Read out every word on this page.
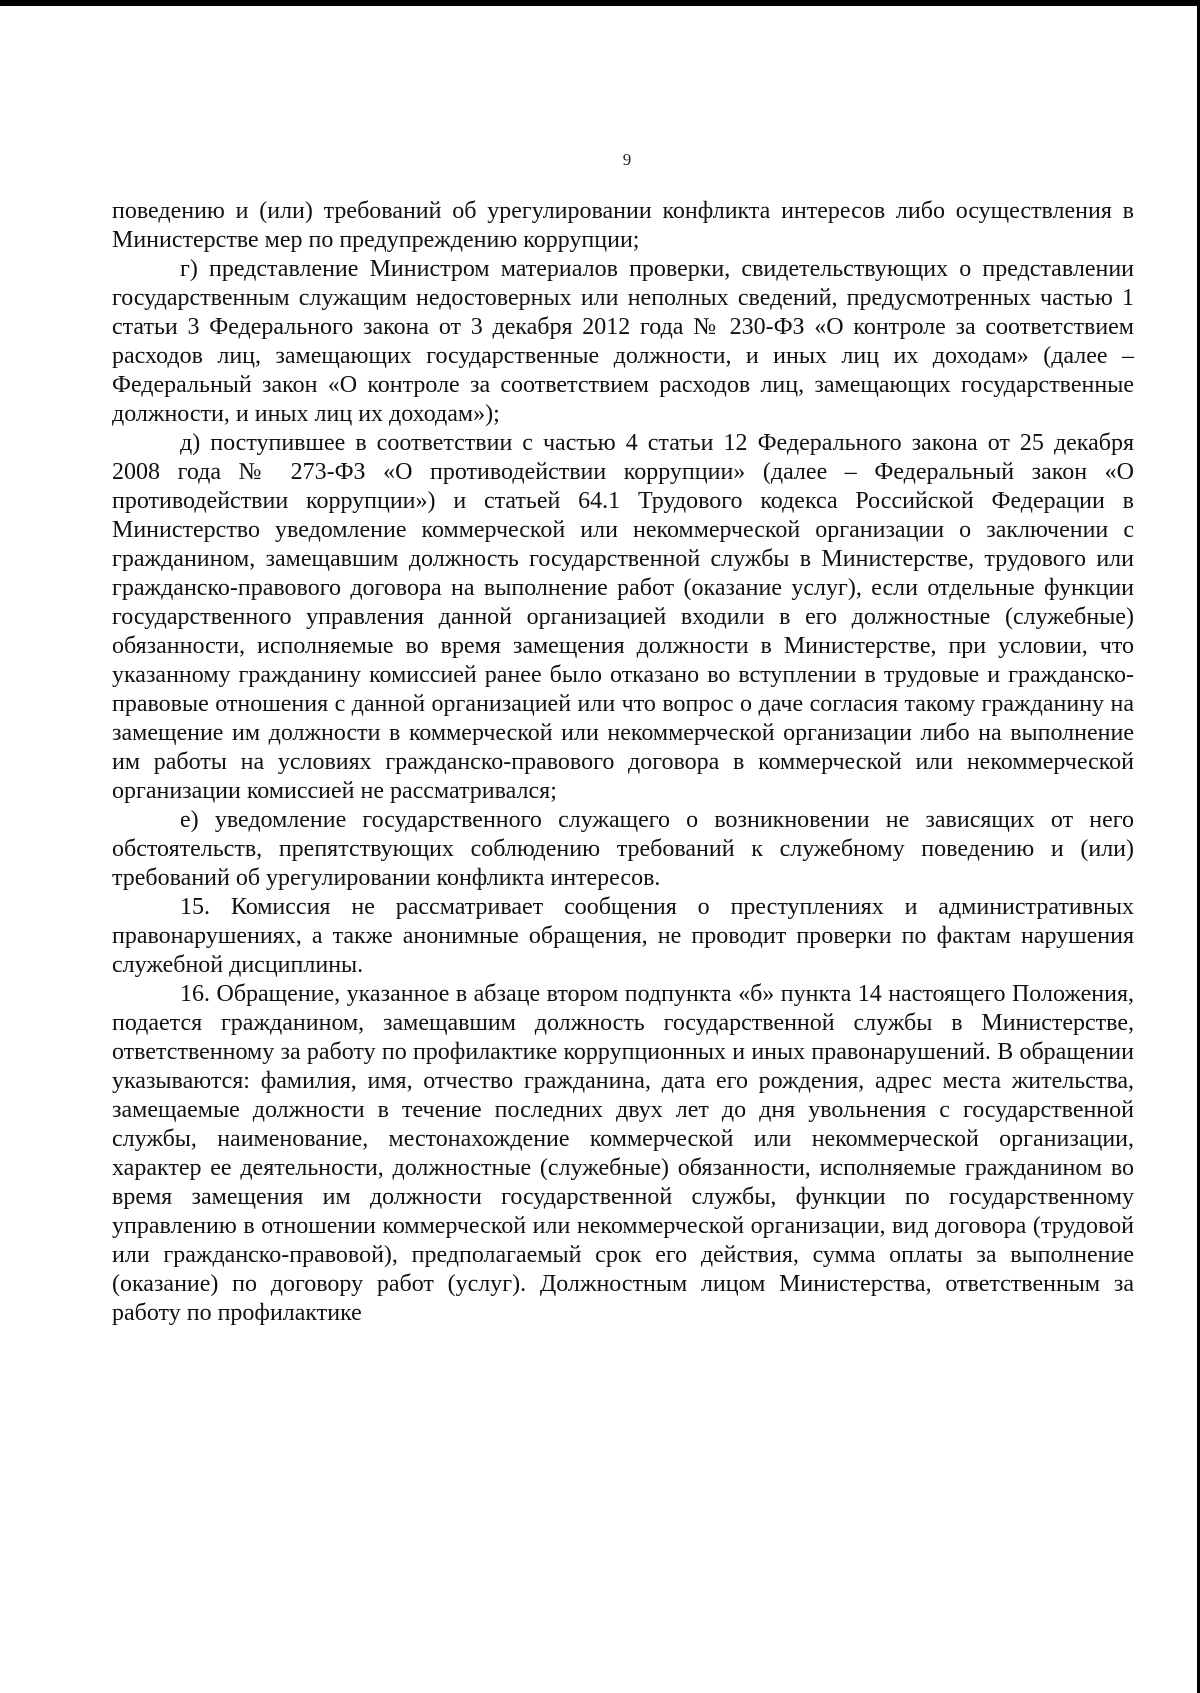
9

поведению и (или) требований об урегулировании конфликта интересов либо осуществления в Министерстве мер по предупреждению коррупции;

г) представление Министром материалов проверки, свидетельствующих о представлении государственным служащим недостоверных или неполных сведений, предусмотренных частью 1 статьи 3 Федерального закона от 3 декабря 2012 года № 230-ФЗ «О контроле за соответствием расходов лиц, замещающих государственные должности, и иных лиц их доходам» (далее – Федеральный закон «О контроле за соответствием расходов лиц, замещающих государственные должности, и иных лиц их доходам»);

д) поступившее в соответствии с частью 4 статьи 12 Федерального закона от 25 декабря 2008 года № 273-ФЗ «О противодействии коррупции» (далее – Федеральный закон «О противодействии коррупции») и статьей 64.1 Трудового кодекса Российской Федерации в Министерство уведомление коммерческой или некоммерческой организации о заключении с гражданином, замещавшим должность государственной службы в Министерстве, трудового или гражданско-правового договора на выполнение работ (оказание услуг), если отдельные функции государственного управления данной организацией входили в его должностные (служебные) обязанности, исполняемые во время замещения должности в Министерстве, при условии, что указанному гражданину комиссией ранее было отказано во вступлении в трудовые и гражданско-правовые отношения с данной организацией или что вопрос о даче согласия такому гражданину на замещение им должности в коммерческой или некоммерческой организации либо на выполнение им работы на условиях гражданско-правового договора в коммерческой или некоммерческой организации комиссией не рассматривался;

е) уведомление государственного служащего о возникновении не зависящих от него обстоятельств, препятствующих соблюдению требований к служебному поведению и (или) требований об урегулировании конфликта интересов.

15. Комиссия не рассматривает сообщения о преступлениях и административных правонарушениях, а также анонимные обращения, не проводит проверки по фактам нарушения служебной дисциплины.

16. Обращение, указанное в абзаце втором подпункта «б» пункта 14 настоящего Положения, подается гражданином, замещавшим должность государственной службы в Министерстве, ответственному за работу по профилактике коррупционных и иных правонарушений. В обращении указываются: фамилия, имя, отчество гражданина, дата его рождения, адрес места жительства, замещаемые должности в течение последних двух лет до дня увольнения с государственной службы, наименование, местонахождение коммерческой или некоммерческой организации, характер ее деятельности, должностные (служебные) обязанности, исполняемые гражданином во время замещения им должности государственной службы, функции по государственному управлению в отношении коммерческой или некоммерческой организации, вид договора (трудовой или гражданско-правовой), предполагаемый срок его действия, сумма оплаты за выполнение (оказание) по договору работ (услуг). Должностным лицом Министерства, ответственным за работу по профилактике
